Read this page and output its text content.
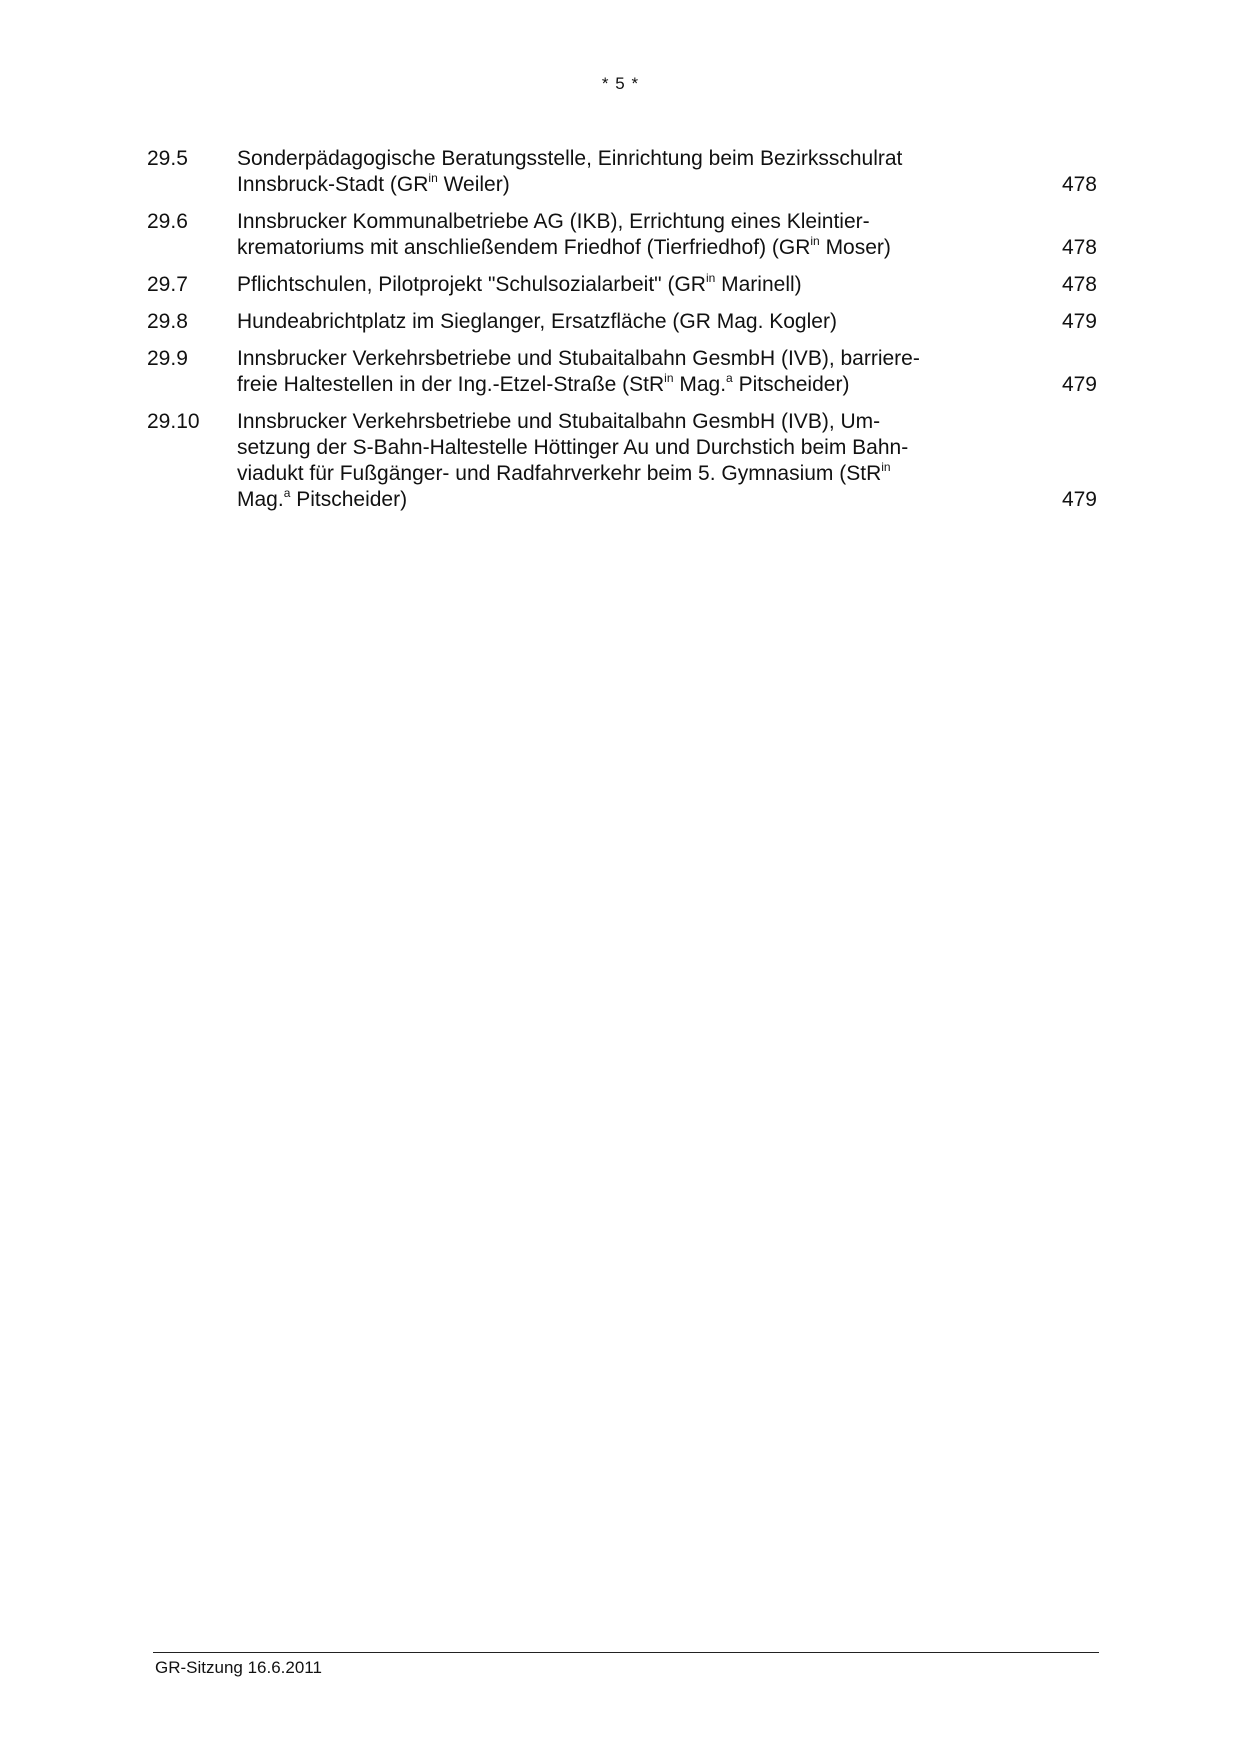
* 5 *
29.5 Sonderpädagogische Beratungsstelle, Einrichtung beim Bezirksschulrat
Innsbruck-Stadt ($GR^{in}$ Weiler)	478
29.6 Innsbrucker Kommunalbetriebe AG (IKB), Errichtung eines Kleintier-
krematoriums mit anschließendem Friedhof (Tierfriedhof) ($GR^{in}$ Moser)	478
29.7 Pflichtschulen, Pilotprojekt "Schulsozialarbeit" ($GR^{in}$ Marinell)	478
29.8 Hundeabrichtplatz im Sieglanger, Ersatzfläche (GR Mag. Kogler)	479
29.9 Innsbrucker Verkehrsbetriebe und Stubaitalbahn GesmbH (IVB), barriere-
freie Haltestellen in der Ing.-Etzel-Straße (StR$^{in}$ Mag.$^a$ Pitscheider)	479
29.10 Innsbrucker Verkehrsbetriebe und Stubaitalbahn GesmbH (IVB), Um-
setzung der S-Bahn-Haltestelle Höttinger Au und Durchstich beim Bahn-
viadukt für Fußgänger- und Radfahrverkehr beim 5. Gymnasium (StR$^{in}$
Mag.$^a$ Pitscheider)	479
GR-Sitzung 16.6.2011
